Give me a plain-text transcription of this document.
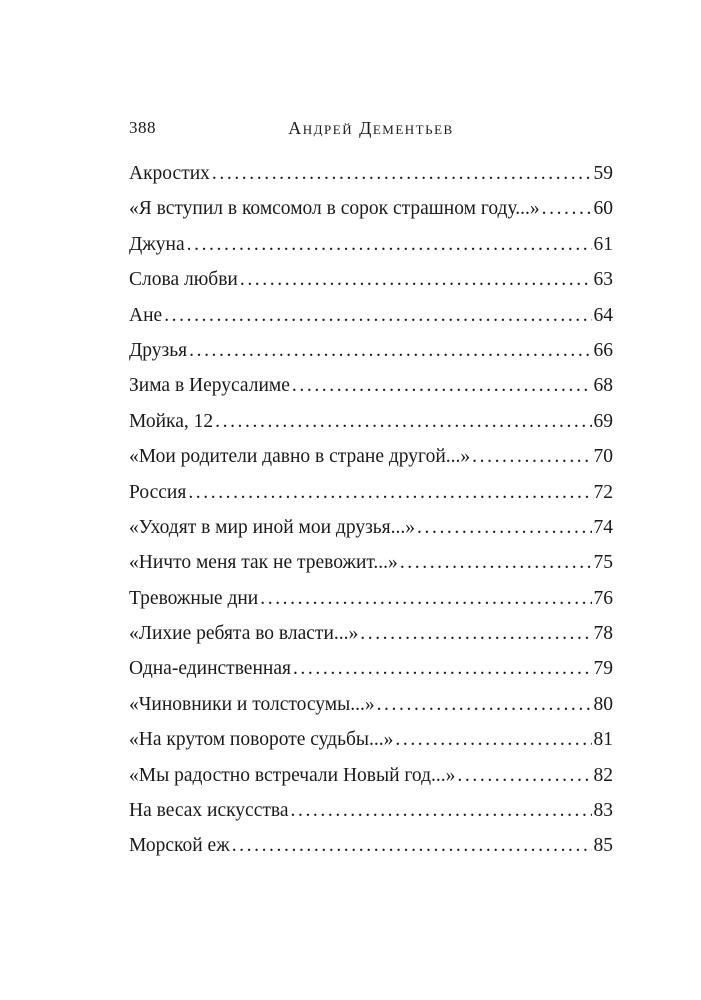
388	Андрей Дементьев
Акростих .....	59
«Я вступил в комсомол в сорок страшном году...» .....	60
Джуна .....	61
Слова любви .....	63
Ане .....	64
Друзья .....	66
Зима в Иерусалиме .....	68
Мойка, 12 .....	69
«Мои родители давно в стране другой...» .....	70
Россия .....	72
«Уходят в мир иной мои друзья...» .....	74
«Ничто меня так не тревожит...» .....	75
Тревожные дни .....	76
«Лихие ребята во власти...» .....	78
Одна-единственная .....	79
«Чиновники и толстосумы...» .....	80
«На крутом повороте судьбы...» .....	81
«Мы радостно встречали Новый год...» .....	82
На весах искусства .....	83
Морской еж .....	85
